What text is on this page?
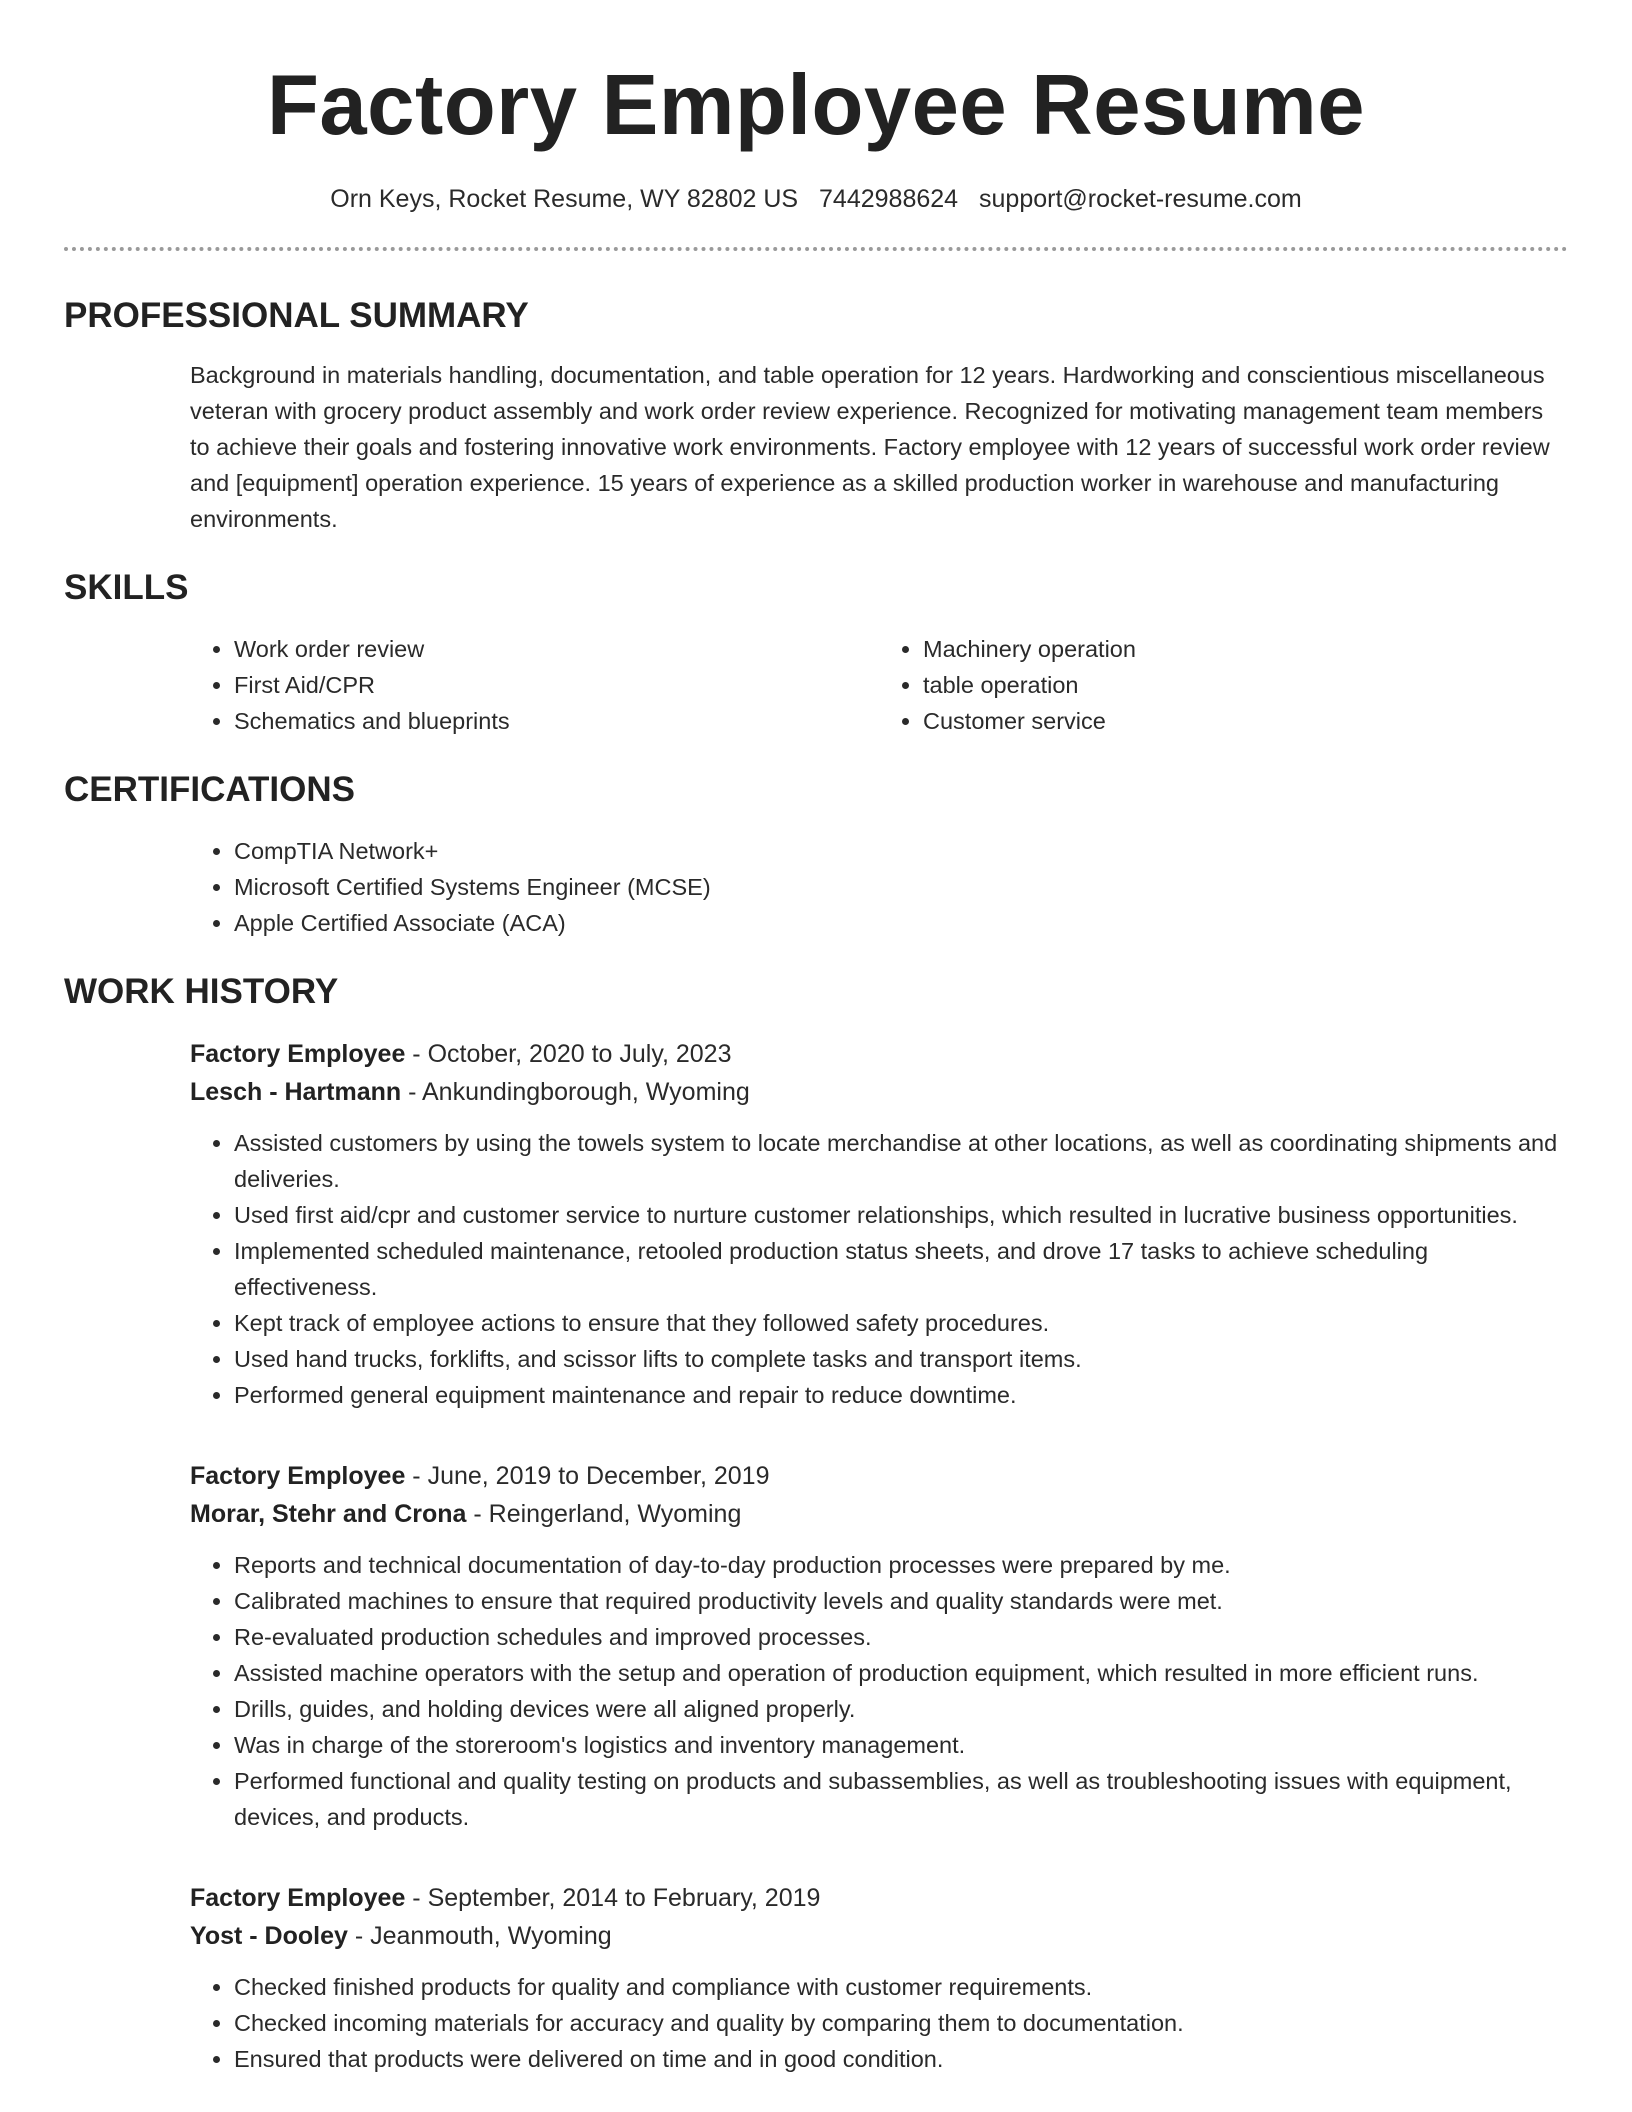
Factory Employee Resume
Orn Keys, Rocket Resume, WY 82802 US 7442988624 support@rocket-resume.com
PROFESSIONAL SUMMARY

Background in materials handling, documentation, and table operation for 12 years. Hardworking and conscientious miscellaneous veteran with grocery product assembly and work order review experience. Recognized for motivating management team members to achieve their goals and fostering innovative work environments. Factory employee with 12 years of successful work order review and [equipment] operation experience. 15 years of experience as a skilled production worker in warehouse and manufacturing environments.

SKILLS
• Work order review
• First Aid/CPR
• Schematics and blueprints
• Machinery operation
• table operation
• Customer service
CERTIFICATIONS
• CompTIA Network+
• Microsoft Certified Systems Engineer (MCSE)
• Apple Certified Associate (ACA)
WORK HISTORY
Factory Employee - October, 2020 to July, 2023
Lesch - Hartmann - Ankundingborough, Wyoming
• Assisted customers by using the towels system to locate merchandise at other locations, as well as coordinating shipments and deliveries.
• Used first aid/cpr and customer service to nurture customer relationships, which resulted in lucrative business opportunities.
• Implemented scheduled maintenance, retooled production status sheets, and drove 17 tasks to achieve scheduling effectiveness.
• Kept track of employee actions to ensure that they followed safety procedures.
• Used hand trucks, forklifts, and scissor lifts to complete tasks and transport items.
• Performed general equipment maintenance and repair to reduce downtime.
Factory Employee - June, 2019 to December, 2019
Morar, Stehr and Crona - Reingerland, Wyoming
• Reports and technical documentation of day-to-day production processes were prepared by me.
• Calibrated machines to ensure that required productivity levels and quality standards were met.
• Re-evaluated production schedules and improved processes.
• Assisted machine operators with the setup and operation of production equipment, which resulted in more efficient runs.
• Drills, guides, and holding devices were all aligned properly.
• Was in charge of the storeroom's logistics and inventory management.
• Performed functional and quality testing on products and subassemblies, as well as troubleshooting issues with equipment, devices, and products.
Factory Employee - September, 2014 to February, 2019
Yost - Dooley - Jeanmouth, Wyoming
• Checked finished products for quality and compliance with customer requirements.
• Checked incoming materials for accuracy and quality by comparing them to documentation.
• Ensured that products were delivered on time and in good condition.
